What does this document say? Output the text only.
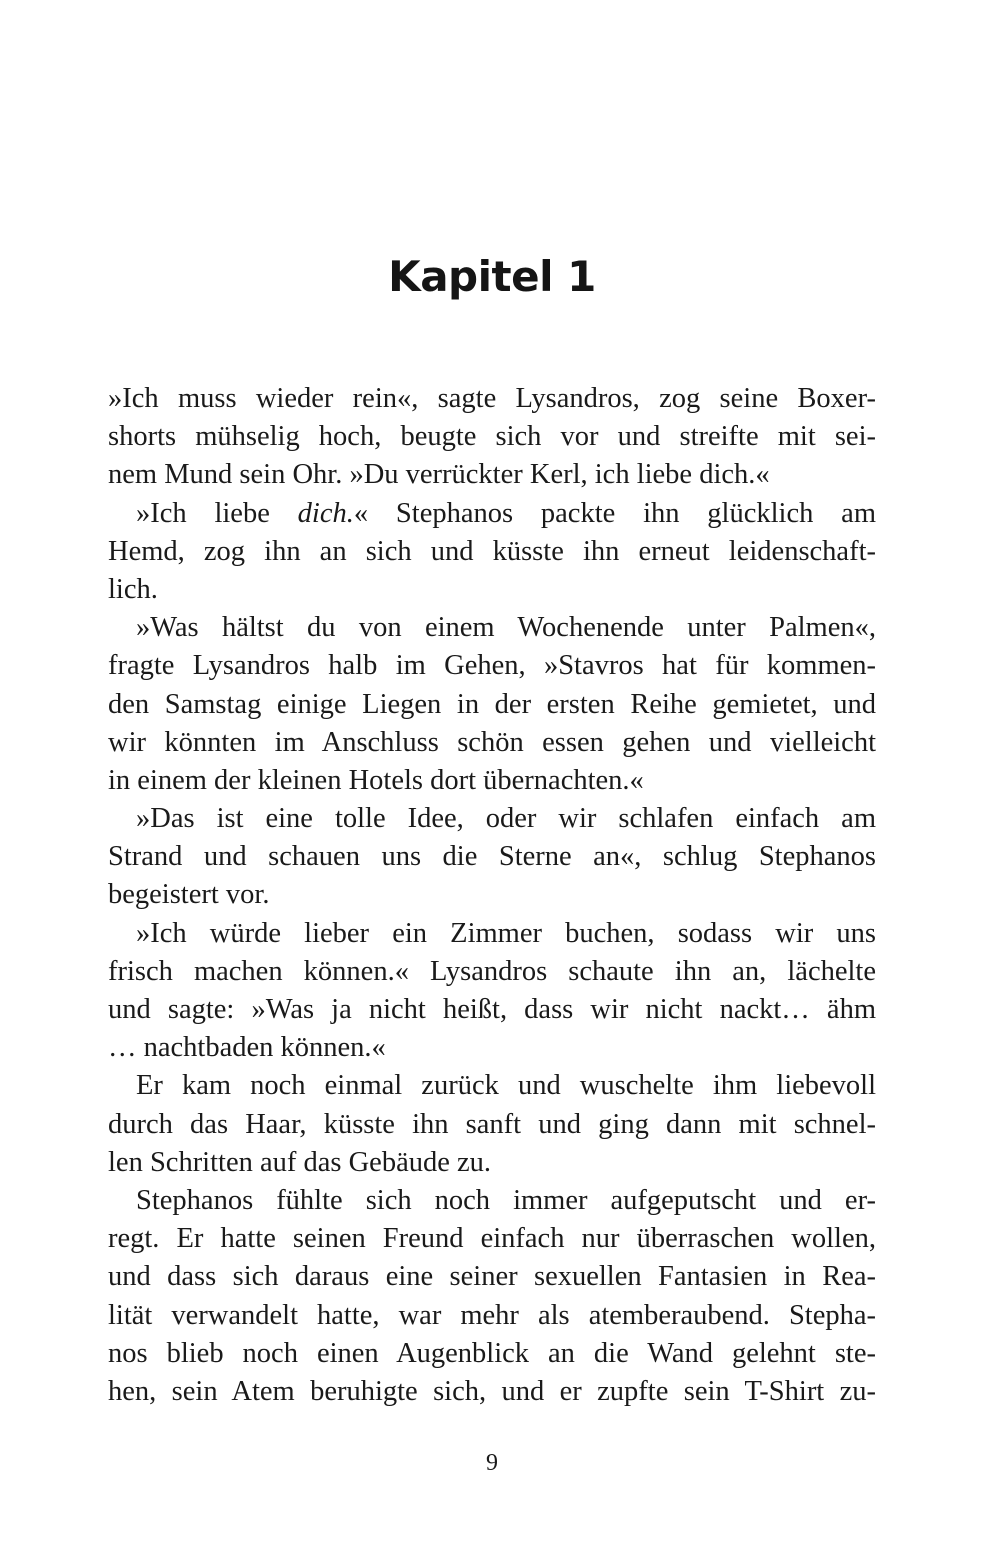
Kapitel 1
»Ich muss wieder rein«, sagte Lysandros, zog seine Boxer-
shorts mühselig hoch, beugte sich vor und streifte mit sei-
nem Mund sein Ohr. »Du verrückter Kerl, ich liebe dich.«
»Ich liebe dich.« Stephanos packte ihn glücklich am
Hemd, zog ihn an sich und küsste ihn erneut leidenschaft-
lich.
»Was hältst du von einem Wochenende unter Palmen«,
fragte Lysandros halb im Gehen, »Stavros hat für kommen-
den Samstag einige Liegen in der ersten Reihe gemietet, und
wir könnten im Anschluss schön essen gehen und vielleicht
in einem der kleinen Hotels dort übernachten.«
»Das ist eine tolle Idee, oder wir schlafen einfach am
Strand und schauen uns die Sterne an«, schlug Stephanos
begeistert vor.
»Ich würde lieber ein Zimmer buchen, sodass wir uns
frisch machen können.« Lysandros schaute ihn an, lächelte
und sagte: »Was ja nicht heißt, dass wir nicht nackt… ähm
… nachtbaden können.«
Er kam noch einmal zurück und wuschelte ihm liebevoll
durch das Haar, küsste ihn sanft und ging dann mit schnel-
len Schritten auf das Gebäude zu.
Stephanos fühlte sich noch immer aufgeputscht und er-
regt. Er hatte seinen Freund einfach nur überraschen wollen,
und dass sich daraus eine seiner sexuellen Fantasien in Rea-
lität verwandelt hatte, war mehr als atemberaubend. Stepha-
nos blieb noch einen Augenblick an die Wand gelehnt ste-
hen, sein Atem beruhigte sich, und er zupfte sein T-Shirt zu-
9
